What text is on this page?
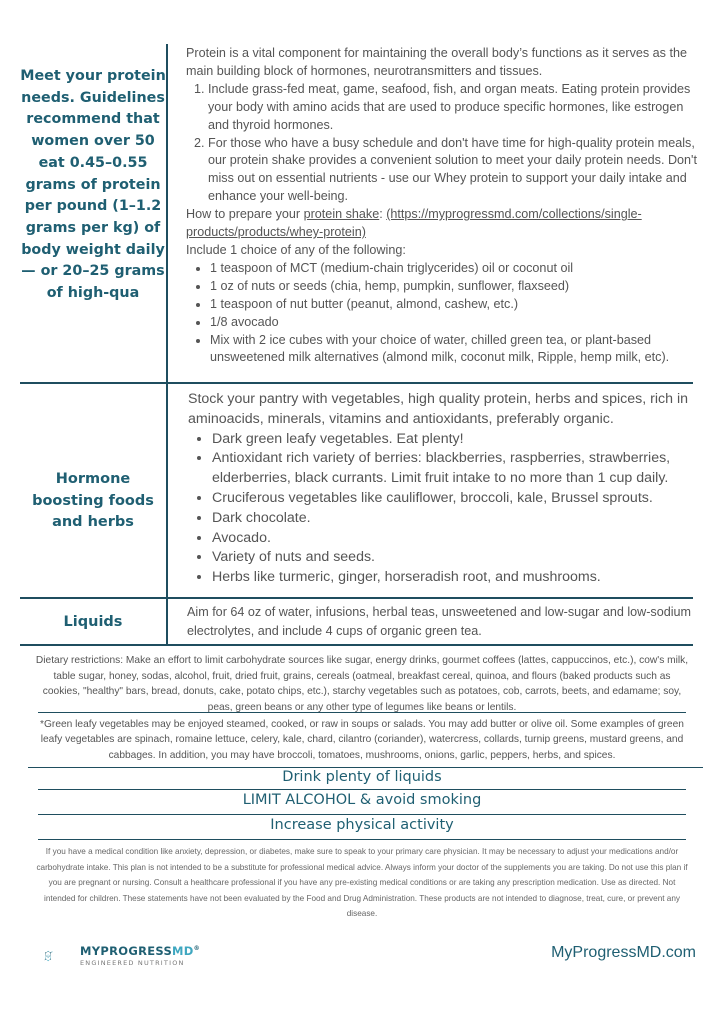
Meet your protein needs. Guidelines recommend that women over 50 eat 0.45–0.55 grams of protein per pound (1–1.2 grams per kg) of body weight daily — or 20–25 grams of high-qua
Protein is a vital component for maintaining the overall body’s functions as it serves as the main building block of hormones, neurotransmitters and tissues.
1. Include grass-fed meat, game, seafood, fish, and organ meats. Eating protein provides your body with amino acids that are used to produce specific hormones, like estrogen and thyroid hormones.
2. For those who have a busy schedule and don't have time for high-quality protein meals, our protein shake provides a convenient solution to meet your daily protein needs. Don't miss out on essential nutrients - use our Whey protein to support your daily intake and enhance your well-being.
How to prepare your protein shake: (https://myprogressmd.com/collections/single-products/products/whey-protein)
Include 1 choice of any of the following:
• 1 teaspoon of MCT (medium-chain triglycerides) oil or coconut oil
• 1 oz of nuts or seeds (chia, hemp, pumpkin, sunflower, flaxseed)
• 1 teaspoon of nut butter (peanut, almond, cashew, etc.)
• 1/8 avocado
• Mix with 2 ice cubes with your choice of water, chilled green tea, or plant-based unsweetened milk alternatives (almond milk, coconut milk, Ripple, hemp milk, etc).
Hormone boosting foods and herbs
Stock your pantry with vegetables, high quality protein, herbs and spices, rich in aminoacids, minerals, vitamins and antioxidants, preferably organic.
• Dark green leafy vegetables. Eat plenty!
• Antioxidant rich variety of berries: blackberries, raspberries, strawberries, elderberries, black currants. Limit fruit intake to no more than 1 cup daily.
• Cruciferous vegetables like cauliflower, broccoli, kale, Brussel sprouts.
• Dark chocolate.
• Avocado.
• Variety of nuts and seeds.
• Herbs like turmeric, ginger, horseradish root, and mushrooms.
Liquids
Aim for 64 oz of water, infusions, herbal teas, unsweetened and low-sugar and low-sodium electrolytes, and include 4 cups of organic green tea.
Dietary restrictions: Make an effort to limit carbohydrate sources like sugar, energy drinks, gourmet coffees (lattes, cappuccinos, etc.), cow's milk, table sugar, honey, sodas, alcohol, fruit, dried fruit, grains, cereals (oatmeal, breakfast cereal, quinoa, and flours (baked products such as cookies, "healthy" bars, bread, donuts, cake, potato chips, etc.), starchy vegetables such as potatoes, cob, carrots, beets, and edamame; soy, peas, green beans or any other type of legumes like beans or lentils.
*Green leafy vegetables may be enjoyed steamed, cooked, or raw in soups or salads. You may add butter or olive oil. Some examples of green leafy vegetables are spinach, romaine lettuce, celery, kale, chard, cilantro (coriander), watercress, collards, turnip greens, mustard greens, and cabbages. In addition, you may have broccoli, tomatoes, mushrooms, onions, garlic, peppers, herbs, and spices.
Drink plenty of liquids
LIMIT ALCOHOL & avoid smoking
Increase physical activity
If you have a medical condition like anxiety, depression, or diabetes, make sure to speak to your primary care physician. It may be necessary to adjust your medications and/or carbohydrate intake. This plan is not intended to be a substitute for professional medical advice. Always inform your doctor of the supplements you are taking. Do not use this plan if you are pregnant or nursing. Consult a healthcare professional if you have any pre-existing medical conditions or are taking any prescription medication. Use as directed. Not intended for children. These statements have not been evaluated by the Food and Drug Administration. These products are not intended to diagnose, treat, cure, or prevent any disease.
MYPROGRESSMD®
ENGINEERED NUTRITION
MyProgressMD.com
